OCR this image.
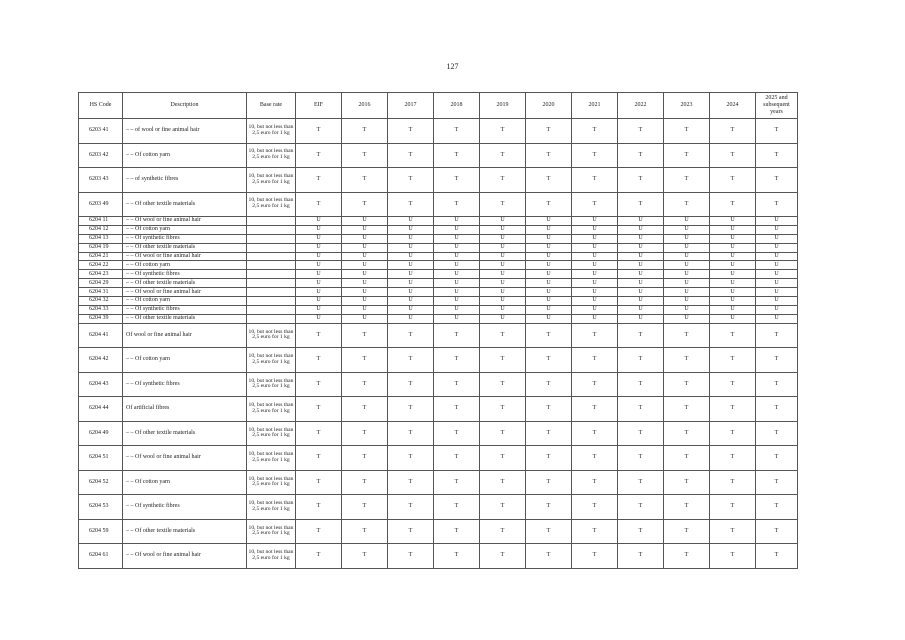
127
HS Code	Description	Base rate	EIF	2016	2017	2018	2019	2020	2021	2022	2023	2024	2025 and subsequent years
6203 41	– – of wool or fine animal hair	10, but not less than 2,5 euro for 1 kg	T	T	T	T	T	T	T	T	T	T	T
6203 42	– – Of cotton yarn	10, but not less than 2,5 euro for 1 kg	T	T	T	T	T	T	T	T	T	T	T
6203 43	– – of synthetic fibres	10, but not less than 2,5 euro for 1 kg	T	T	T	T	T	T	T	T	T	T	T
6203 49	– – Of other textile materials	10, but not less than 2,5 euro for 1 kg	T	T	T	T	T	T	T	T	T	T	T
6204 11	– – Of wool or fine animal hair		U	U	U	U	U	U	U	U	U	U	U
6204 12	– – Of cotton yarn		U	U	U	U	U	U	U	U	U	U	U
6204 13	– – Of synthetic fibres		U	U	U	U	U	U	U	U	U	U	U
6204 19	– – Of other textile materials		U	U	U	U	U	U	U	U	U	U	U
6204 21	– – Of wool or fine animal hair		U	U	U	U	U	U	U	U	U	U	U
6204 22	– – Of cotton yarn		U	U	U	U	U	U	U	U	U	U	U
6204 23	– – Of synthetic fibres		U	U	U	U	U	U	U	U	U	U	U
6204 29	– – Of other textile materials		U	U	U	U	U	U	U	U	U	U	U
6204 31	– – Of wool or fine animal hair		U	U	U	U	U	U	U	U	U	U	U
6204 32	– – Of cotton yarn		U	U	U	U	U	U	U	U	U	U	U
6204 33	– – Of synthetic fibres		U	U	U	U	U	U	U	U	U	U	U
6204 39	– – Of other textile materials		U	U	U	U	U	U	U	U	U	U	U
6204 41	Of wool or fine animal hair	10, but not less than 2,5 euro for 1 kg	T	T	T	T	T	T	T	T	T	T	T
6204 42	– – Of cotton yarn	10, but not less than 2,5 euro for 1 kg	T	T	T	T	T	T	T	T	T	T	T
6204 43	– – Of synthetic fibres	10, but not less than 2,5 euro for 1 kg	T	T	T	T	T	T	T	T	T	T	T
6204 44	Of artificial fibres	10, but not less than 2,5 euro for 1 kg	T	T	T	T	T	T	T	T	T	T	T
6204 49	– – Of other textile materials	10, but not less than 2,5 euro for 1 kg	T	T	T	T	T	T	T	T	T	T	T
6204 51	– – Of wool or fine animal hair	10, but not less than 2,5 euro for 1 kg	T	T	T	T	T	T	T	T	T	T	T
6204 52	– – Of cotton yarn	10, but not less than 2,5 euro for 1 kg	T	T	T	T	T	T	T	T	T	T	T
6204 53	– – Of synthetic fibres	10, but not less than 2,5 euro for 1 kg	T	T	T	T	T	T	T	T	T	T	T
6204 59	– – Of other textile materials	10, but not less than 2,5 euro for 1 kg	T	T	T	T	T	T	T	T	T	T	T
6204 61	– – Of wool or fine animal hair	10, but not less than 2,5 euro for 1 kg	T	T	T	T	T	T	T	T	T	T	T
